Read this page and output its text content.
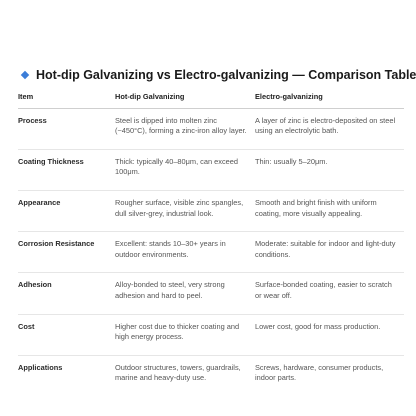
Hot-dip Galvanizing vs Electro-galvanizing — Comparison Table
Item	Hot-dip Galvanizing	Electro-galvanizing
Process	Steel is dipped into molten zinc (~450°C), forming a zinc-iron alloy layer.	A layer of zinc is electro-deposited on steel using an electrolytic bath.
Coating Thickness	Thick: typically 40–80μm, can exceed 100μm.	Thin: usually 5–20μm.
Appearance	Rougher surface, visible zinc spangles, dull silver-grey, industrial look.	Smooth and bright finish with uniform coating, more visually appealing.
Corrosion Resistance	Excellent: stands 10–30+ years in outdoor environments.	Moderate: suitable for indoor and light-duty conditions.
Adhesion	Alloy-bonded to steel, very strong adhesion and hard to peel.	Surface-bonded coating, easier to scratch or wear off.
Cost	Higher cost due to thicker coating and high energy process.	Lower cost, good for mass production.
Applications	Outdoor structures, towers, guardrails, marine and heavy-duty use.	Screws, hardware, consumer products, indoor parts.
